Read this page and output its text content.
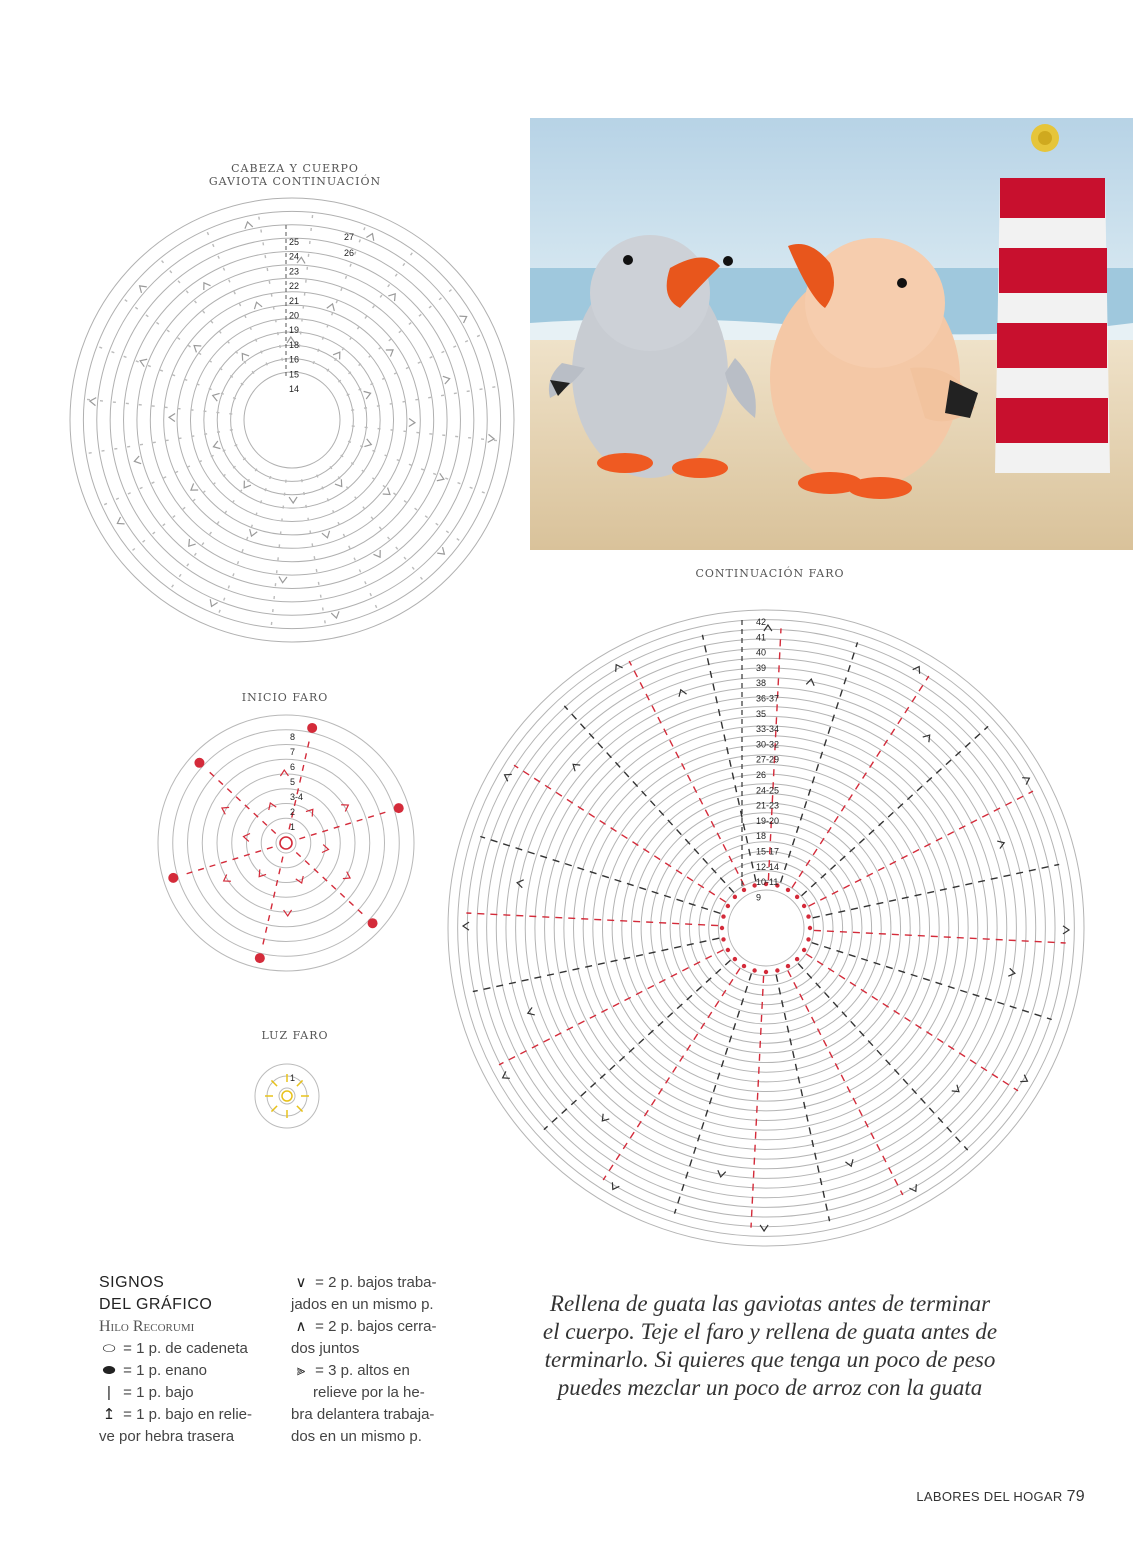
CABEZA Y CUERPO
GAVIOTA CONTINUACIÓN
INICIO FARO
LUZ FARO
CONTINUACIÓN FARO
25
24
23
22
21
20
19
18
16
15
14
27
26
8
7
6
5
3-4
2
1
1
42
41
40
39
38
36-37
35
33-34
30-32
27-29
26
24-25
21-23
19-20
18
15-17
12-14
10-11
9
SIGNOS
DEL GRÁFICO
Hilo Recorumi
⬭ = 1 p. de cadeneta
⬬ = 1 p. enano
| = 1 p. bajo
↥ = 1 p. bajo en relie-
ve por hebra trasera
∨ = 2 p. bajos traba-
jados en un mismo p.
∧ = 2 p. bajos cerra-
dos juntos
⫸ = 3 p. altos en
relieve por la he-
bra delantera trabaja-
dos en un mismo p.
Rellena de guata las gaviotas antes de terminar el cuerpo. Teje el faro y rellena de guata antes de terminarlo. Si quieres que tenga un poco de peso puedes mezclar un poco de arroz con la guata
LABORES DEL HOGAR 79
